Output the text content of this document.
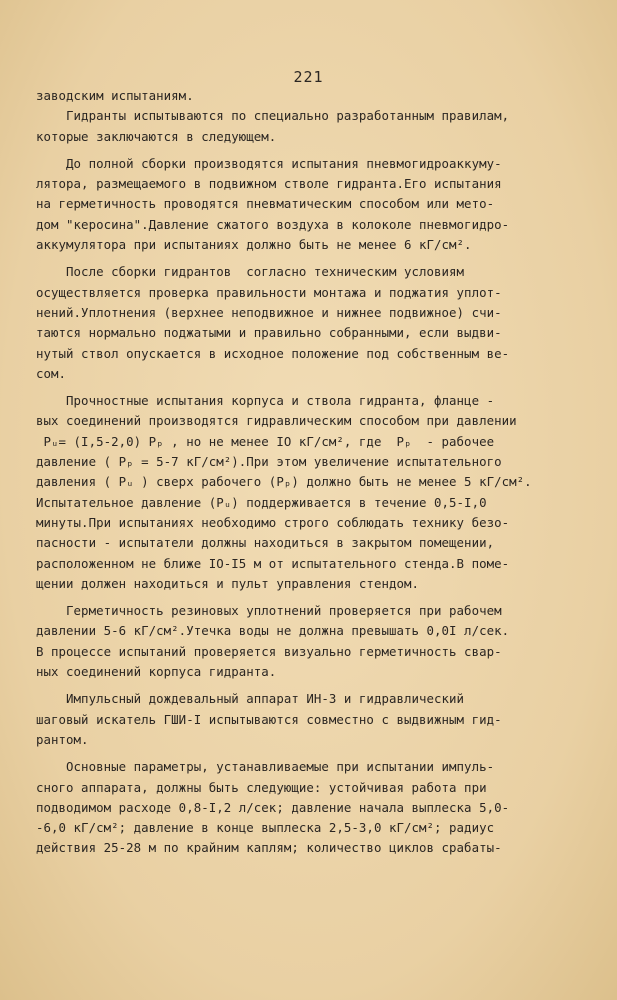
221
заводским испытаниям.
Гидранты испытываются по специально разработанным правилам,
которые заключаются в следующем.
До полной сборки производятся испытания пневмогидроаккуму-
лятора, размещаемого в подвижном стволе гидранта.Его испытания
на герметичность проводятся пневматическим способом или мето-
дом "керосина".Давление сжатого воздуха в колоколе пневмогидро-
аккумулятора при испытаниях должно быть не менее 6 кГ/см².
После сборки гидрантов  согласно техническим условиям
осуществляется проверка правильности монтажа и поджатия уплот-
нений.Уплотнения (верхнее неподвижное и нижнее подвижное) счи-
таются нормально поджатыми и правильно собранными, если выдви-
нутый ствол опускается в исходное положение под собственным ве-
сом.
Прочностные испытания корпуса и ствола гидранта, фланце -
вых соединений производятся гидравлическим способом при давлении
Pᵤ= (I,5-2,0) Pₚ , но не менее IO кГ/см², где  Pₚ  - рабочее
давление ( Pₚ = 5-7 кГ/см²).При этом увеличение испытательного
давления ( Pᵤ ) сверх рабочего (Pₚ) должно быть не менее 5 кГ/см².
Испытательное давление (Pᵤ) поддерживается в течение 0,5-I,0
минуты.При испытаниях необходимо строго соблюдать технику безо-
пасности - испытатели должны находиться в закрытом помещении,
расположенном не ближе IO-I5 м от испытательного стенда.В поме-
щении должен находиться и пульт управления стендом.
Герметичность резиновых уплотнений проверяется при рабочем
давлении 5-6 кГ/см².Утечка воды не должна превышать 0,0I л/сек.
В процессе испытаний проверяется визуально герметичность свар-
ных соединений корпуса гидранта.
Импульсный дождевальный аппарат ИН-3 и гидравлический
шаговый искатель ГШИ-I испытываются совместно с выдвижным гид-
рантом.
Основные параметры, устанавливаемые при испытании импуль-
сного аппарата, должны быть следующие: устойчивая работа при
подводимом расходе 0,8-I,2 л/сек; давление начала выплеска 5,0-
-6,0 кГ/см²; давление в конце выплеска 2,5-3,0 кГ/см²; радиус
действия 25-28 м по крайним каплям; количество циклов срабаты-
